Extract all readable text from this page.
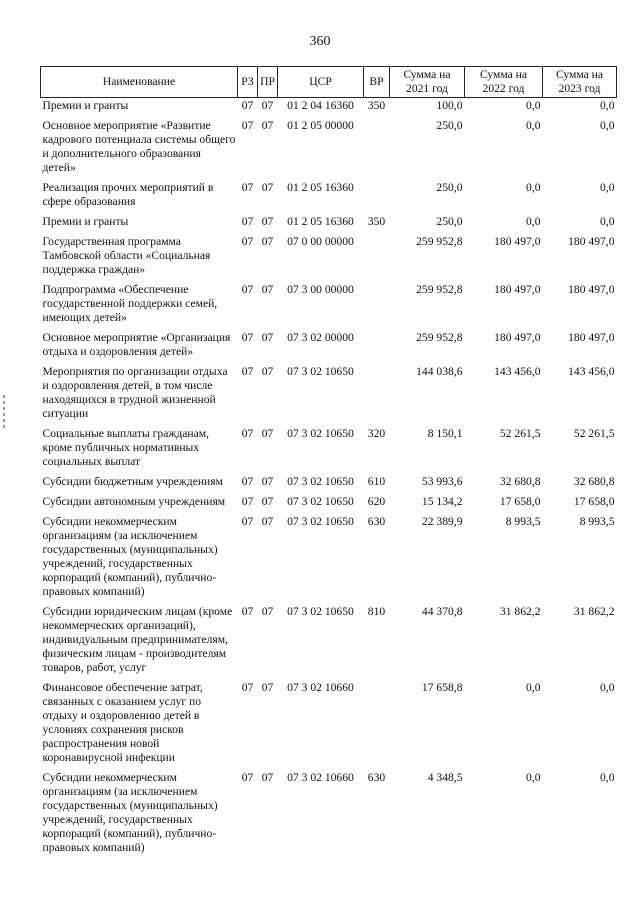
360
Наименование	РЗ	ПР	ЦСР	ВР	Сумма на 2021 год	Сумма на 2022 год	Сумма на 2023 год
Премии и гранты	07	07	01 2 04 16360	350	100,0	0,0	0,0
Основное мероприятие «Развитие кадрового потенциала системы общего и дополнительного образования детей»	07	07	01 2 05 00000		250,0	0,0	0,0
Реализация прочих мероприятий в сфере образования	07	07	01 2 05 16360		250,0	0,0	0,0
Премии и гранты	07	07	01 2 05 16360	350	250,0	0,0	0,0
Государственная программа Тамбовской области «Социальная поддержка граждан»	07	07	07 0 00 00000		259 952,8	180 497,0	180 497,0
Подпрограмма «Обеспечение государственной поддержки семей, имеющих детей»	07	07	07 3 00 00000		259 952,8	180 497,0	180 497,0
Основное мероприятие «Организация отдыха и оздоровления детей»	07	07	07 3 02 00000		259 952,8	180 497,0	180 497,0
Мероприятия по организации отдыха и оздоровления детей, в том числе находящихся в трудной жизненной ситуации	07	07	07 3 02 10650		144 038,6	143 456,0	143 456,0
Социальные выплаты гражданам, кроме публичных нормативных социальных выплат	07	07	07 3 02 10650	320	8 150,1	52 261,5	52 261,5
Субсидии бюджетным учреждениям	07	07	07 3 02 10650	610	53 993,6	32 680,8	32 680,8
Субсидии автономным учреждениям	07	07	07 3 02 10650	620	15 134,2	17 658,0	17 658,0
Субсидии некоммерческим организациям (за исключением государственных (муниципальных) учреждений, государственных корпораций (компаний), публично-правовых компаний)	07	07	07 3 02 10650	630	22 389,9	8 993,5	8 993,5
Субсидии юридическим лицам (кроме некоммерческих организаций), индивидуальным предпринимателям, физическим лицам - производителям товаров, работ, услуг	07	07	07 3 02 10650	810	44 370,8	31 862,2	31 862,2
Финансовое обеспечение затрат, связанных с оказанием услуг по отдыху и оздоровлению детей в условиях сохранения рисков распространения новой коронавирусной инфекции	07	07	07 3 02 10660		17 658,8	0,0	0,0
Субсидии некоммерческим организациям (за исключением государственных (муниципальных) учреждений, государственных корпораций (компаний), публично-правовых компаний)	07	07	07 3 02 10660	630	4 348,5	0,0	0,0
